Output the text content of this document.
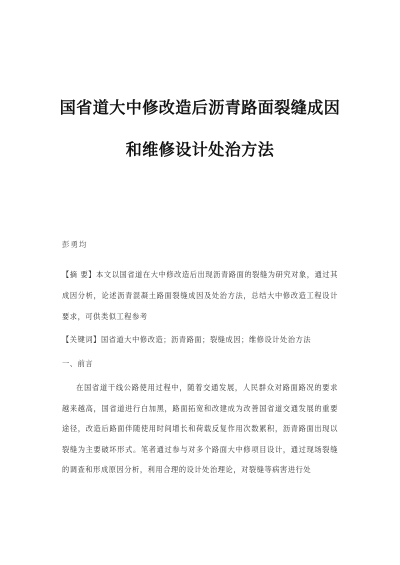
国省道大中修改造后沥青路面裂缝成因
和维修设计处治方法
彭勇均
【摘 要】本文以国省道在大中修改造后出现沥青路面的裂缝为研究对象，通过其成因分析，论述沥青混凝土路面裂缝成因及处治方法，总结大中修改造工程设计要求，可供类似工程参考
【关键词】国省道大中修改造；沥青路面；裂缝成因；维修设计处治方法
一、前言
在国省道干线公路使用过程中，随着交通发展，人民群众对路面路况的要求越来越高，国省道进行白加黑，路面拓宽和改建成为改善国省道交通发展的重要途径，改造后路面伴随使用时间增长和荷载反复作用次数累积，沥青路面出现以裂缝为主要破坏形式。笔者通过参与对多个路面大中修项目设计，通过现场裂缝的调查和形成原因分析，利用合理的设计处治理论，对裂缝等病害进行处
